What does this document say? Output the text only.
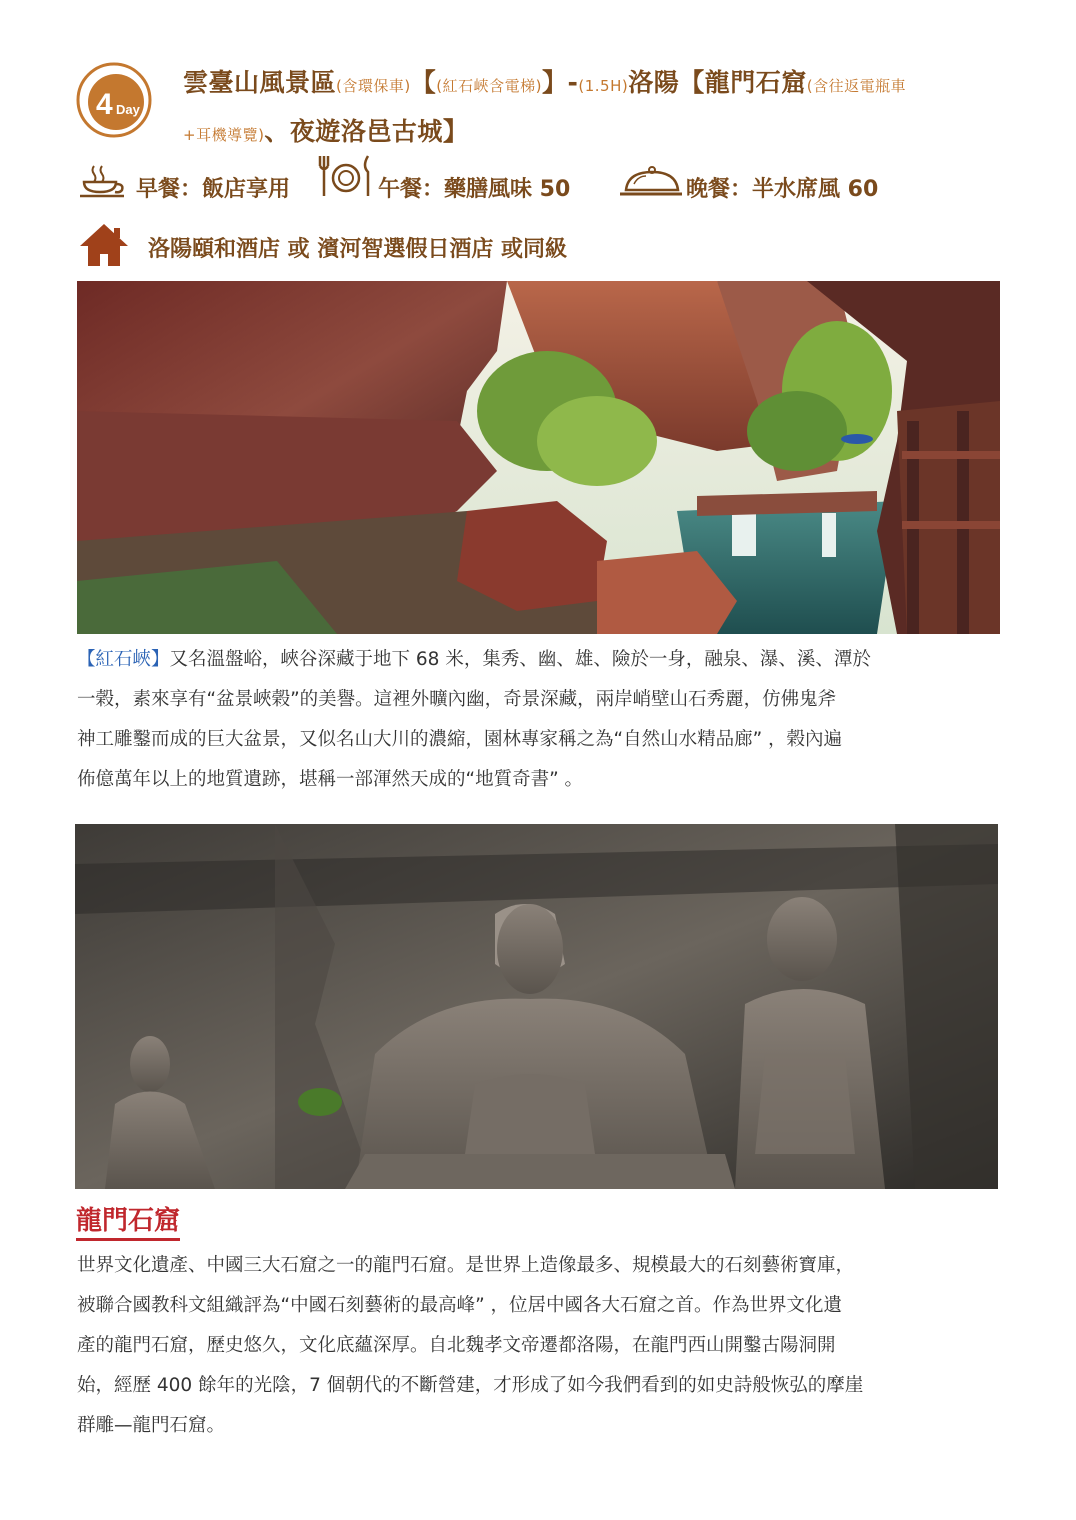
4 Day
雲臺山風景區(含環保車)【(紅石峽含電梯)】-(1.5H)洛陽【龍門石窟(含往返電瓶車
+耳機導覽)、夜遊洛邑古城】
早餐：飯店享用	午餐：藥膳風味 50	晚餐：半水席風 60
洛陽頤和酒店 或 濱河智選假日酒店 或同級
【紅石峽】又名溫盤峪，峽谷深藏于地下 68 米，集秀、幽、雄、險於一身，融泉、瀑、溪、潭於
一榖，素來享有“盆景峽榖”的美譽。這裡外曠內幽，奇景深藏，兩岸峭壁山石秀麗，仿佛鬼斧
神工雕鑿而成的巨大盆景，又似名山大川的濃縮，園林專家稱之為“自然山水精品廊” ，榖內遍
佈億萬年以上的地質遺跡，堪稱一部渾然天成的“地質奇書” 。
龍門石窟
世界文化遺產、中國三大石窟之一的龍門石窟。是世界上造像最多、規模最大的石刻藝術寶庫，
被聯合國教科文組織評為“中國石刻藝術的最高峰” ，位居中國各大石窟之首。作為世界文化遺
產的龍門石窟，歷史悠久，文化底蘊深厚。自北魏孝文帝遷都洛陽，在龍門西山開鑿古陽洞開
始，經歷 400 餘年的光陰，7 個朝代的不斷營建，才形成了如今我們看到的如史詩般恢弘的摩崖
群雕—龍門石窟。
